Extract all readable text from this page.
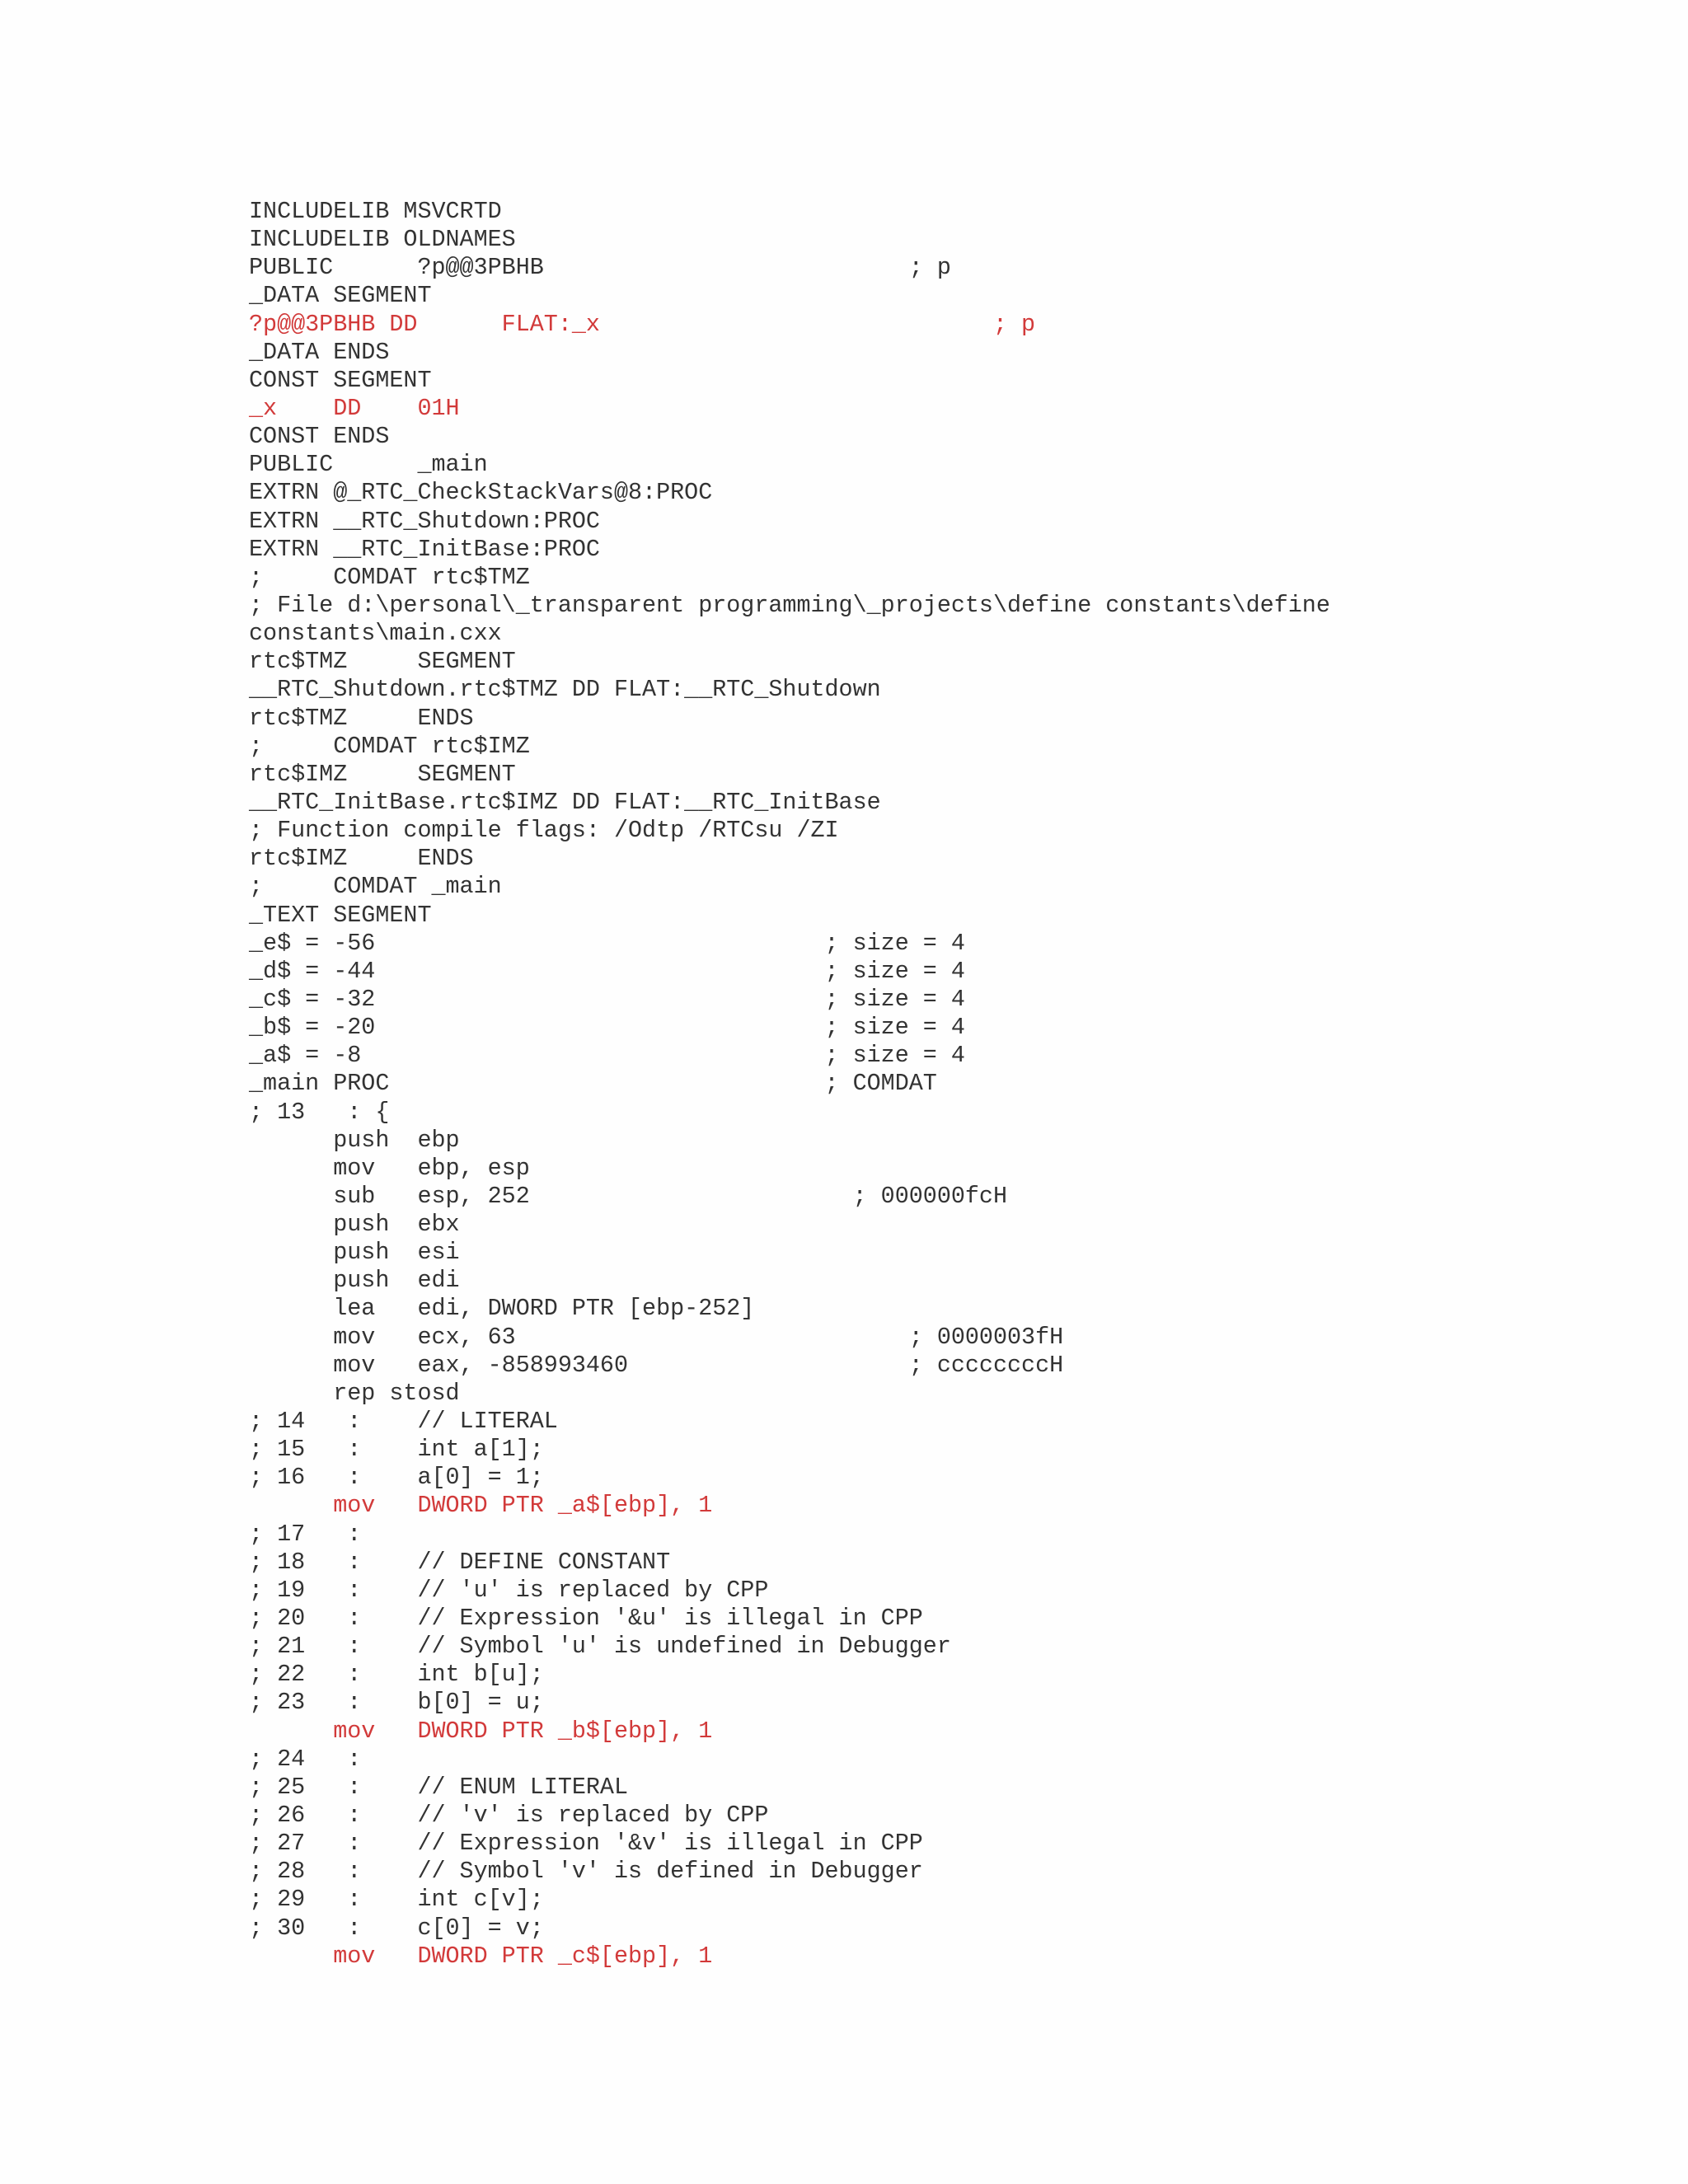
INCLUDELIB MSVCRTD
INCLUDELIB OLDNAMES
PUBLIC      ?p@@3PBHB                          ; p
_DATA SEGMENT
?p@@3PBHB DD      FLAT:_x                            ; p
_DATA ENDS
CONST SEGMENT
_x    DD    01H
CONST ENDS
PUBLIC      _main
EXTRN @_RTC_CheckStackVars@8:PROC
EXTRN __RTC_Shutdown:PROC
EXTRN __RTC_InitBase:PROC
;     COMDAT rtc$TMZ
; File d:\personal\_transparent programming\_projects\define constants\define
constants\main.cxx
rtc$TMZ     SEGMENT
__RTC_Shutdown.rtc$TMZ DD FLAT:__RTC_Shutdown
rtc$TMZ     ENDS
;     COMDAT rtc$IMZ
rtc$IMZ     SEGMENT
__RTC_InitBase.rtc$IMZ DD FLAT:__RTC_InitBase
; Function compile flags: /Odtp /RTCsu /ZI
rtc$IMZ     ENDS
;     COMDAT _main
_TEXT SEGMENT
_e$ = -56                                ; size = 4
_d$ = -44                                ; size = 4
_c$ = -32                                ; size = 4
_b$ = -20                                ; size = 4
_a$ = -8                                 ; size = 4
_main PROC                               ; COMDAT
; 13   : {
push  ebp
mov   ebp, esp
sub   esp, 252                       ; 000000fcH
push  ebx
push  esi
push  edi
lea   edi, DWORD PTR [ebp-252]
mov   ecx, 63                            ; 0000003fH
mov   eax, -858993460                    ; ccccccccH
rep stosd
; 14   :    // LITERAL
; 15   :    int a[1];
; 16   :    a[0] = 1;
mov   DWORD PTR _a$[ebp], 1
; 17   :
; 18   :    // DEFINE CONSTANT
; 19   :    // 'u' is replaced by CPP
; 20   :    // Expression '&u' is illegal in CPP
; 21   :    // Symbol 'u' is undefined in Debugger
; 22   :    int b[u];
; 23   :    b[0] = u;
mov   DWORD PTR _b$[ebp], 1
; 24   :
; 25   :    // ENUM LITERAL
; 26   :    // 'v' is replaced by CPP
; 27   :    // Expression '&v' is illegal in CPP
; 28   :    // Symbol 'v' is defined in Debugger
; 29   :    int c[v];
; 30   :    c[0] = v;
mov   DWORD PTR _c$[ebp], 1
